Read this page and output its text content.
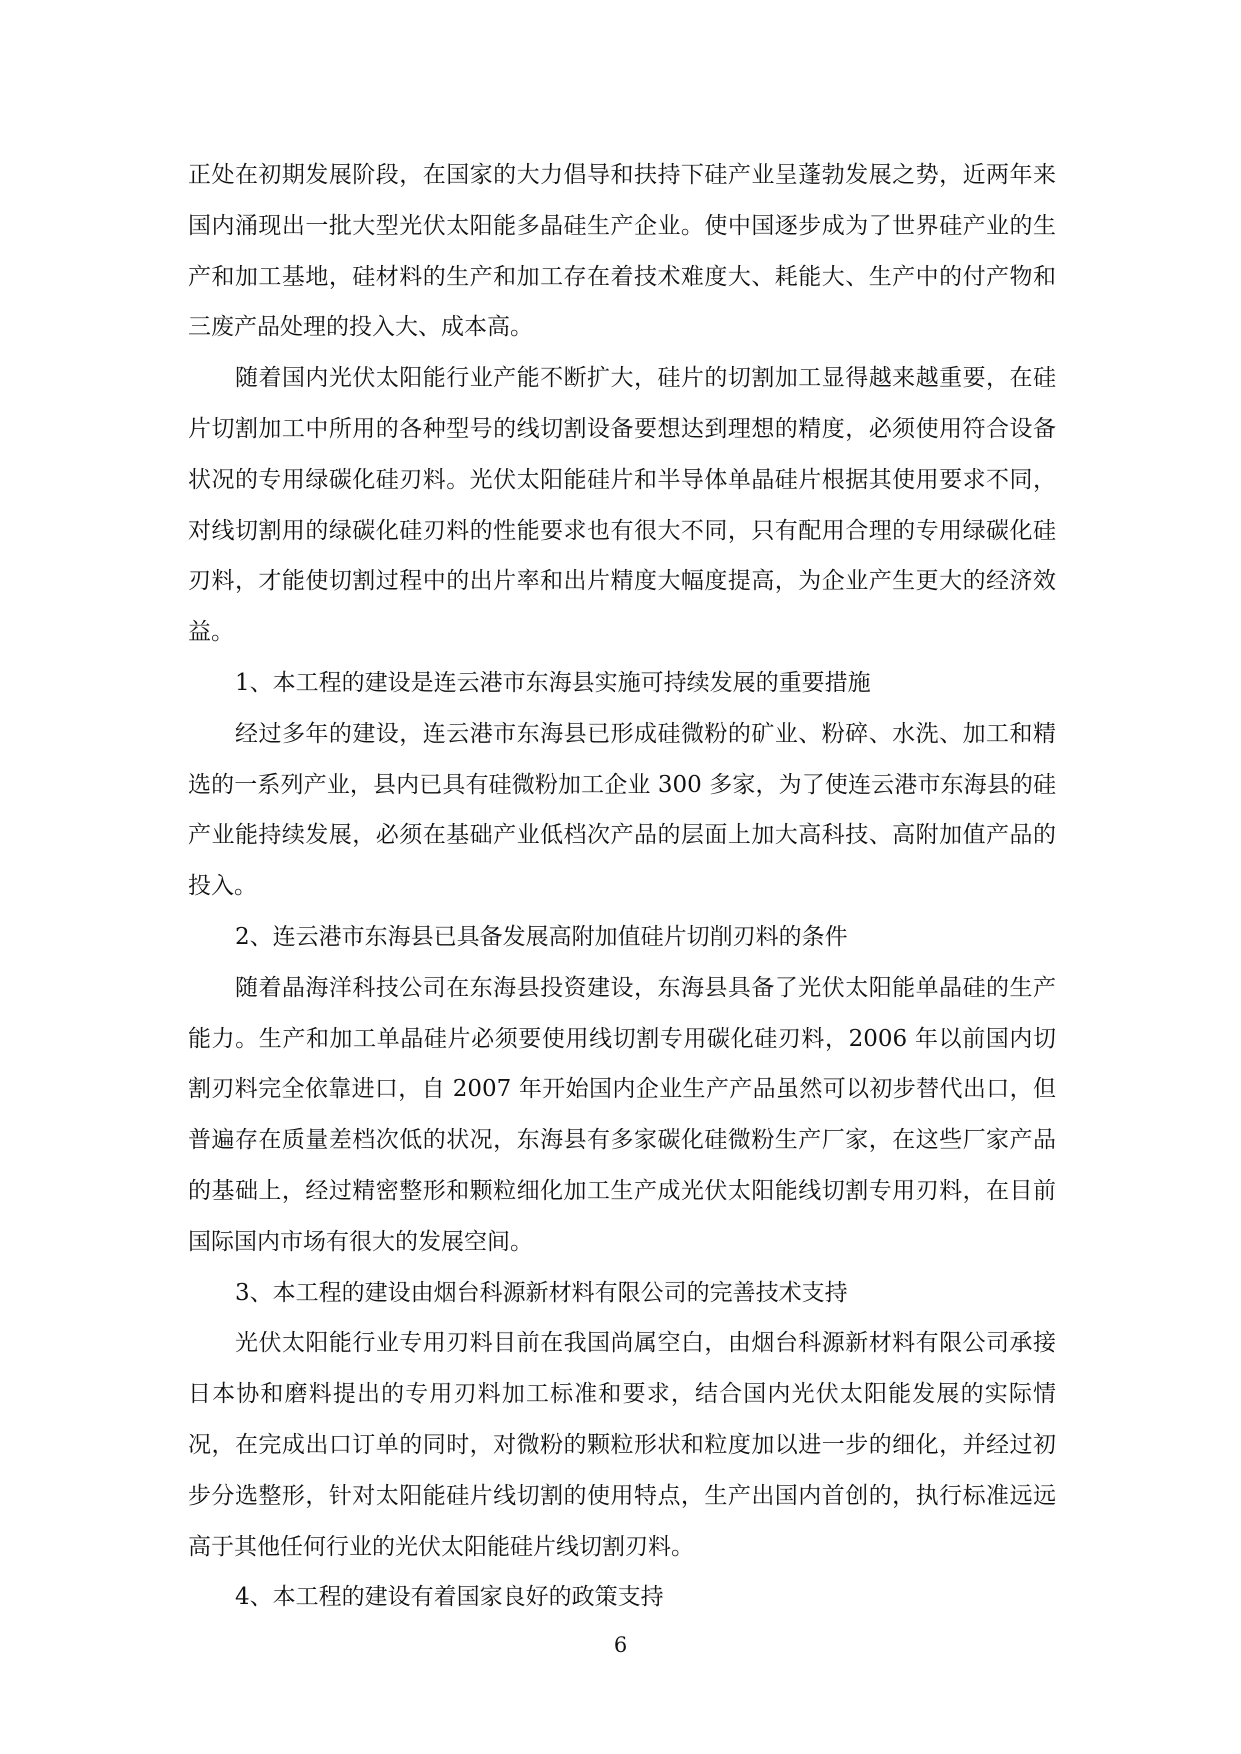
正处在初期发展阶段，在国家的大力倡导和扶持下硅产业呈蓬勃发展之势，近两年来国内涌现出一批大型光伏太阳能多晶硅生产企业。使中国逐步成为了世界硅产业的生产和加工基地，硅材料的生产和加工存在着技术难度大、耗能大、生产中的付产物和三废产品处理的投入大、成本高。

随着国内光伏太阳能行业产能不断扩大，硅片的切割加工显得越来越重要，在硅片切割加工中所用的各种型号的线切割设备要想达到理想的精度，必须使用符合设备状况的专用绿碳化硅刃料。光伏太阳能硅片和半导体单晶硅片根据其使用要求不同，对线切割用的绿碳化硅刃料的性能要求也有很大不同，只有配用合理的专用绿碳化硅刃料，才能使切割过程中的出片率和出片精度大幅度提高，为企业产生更大的经济效益。

1、本工程的建设是连云港市东海县实施可持续发展的重要措施

经过多年的建设，连云港市东海县已形成硅微粉的矿业、粉碎、水洗、加工和精选的一系列产业，县内已具有硅微粉加工企业 300 多家，为了使连云港市东海县的硅产业能持续发展，必须在基础产业低档次产品的层面上加大高科技、高附加值产品的投入。

2、连云港市东海县已具备发展高附加值硅片切削刃料的条件

随着晶海洋科技公司在东海县投资建设，东海县具备了光伏太阳能单晶硅的生产能力。生产和加工单晶硅片必须要使用线切割专用碳化硅刃料，2006 年以前国内切割刃料完全依靠进口，自 2007 年开始国内企业生产产品虽然可以初步替代出口，但普遍存在质量差档次低的状况，东海县有多家碳化硅微粉生产厂家，在这些厂家产品的基础上，经过精密整形和颗粒细化加工生产成光伏太阳能线切割专用刃料，在目前国际国内市场有很大的发展空间。

3、本工程的建设由烟台科源新材料有限公司的完善技术支持

光伏太阳能行业专用刃料目前在我国尚属空白，由烟台科源新材料有限公司承接日本协和磨料提出的专用刃料加工标准和要求，结合国内光伏太阳能发展的实际情况，在完成出口订单的同时，对微粉的颗粒形状和粒度加以进一步的细化，并经过初步分选整形，针对太阳能硅片线切割的使用特点，生产出国内首创的，执行标准远远高于其他任何行业的光伏太阳能硅片线切割刃料。

4、本工程的建设有着国家良好的政策支持

6
